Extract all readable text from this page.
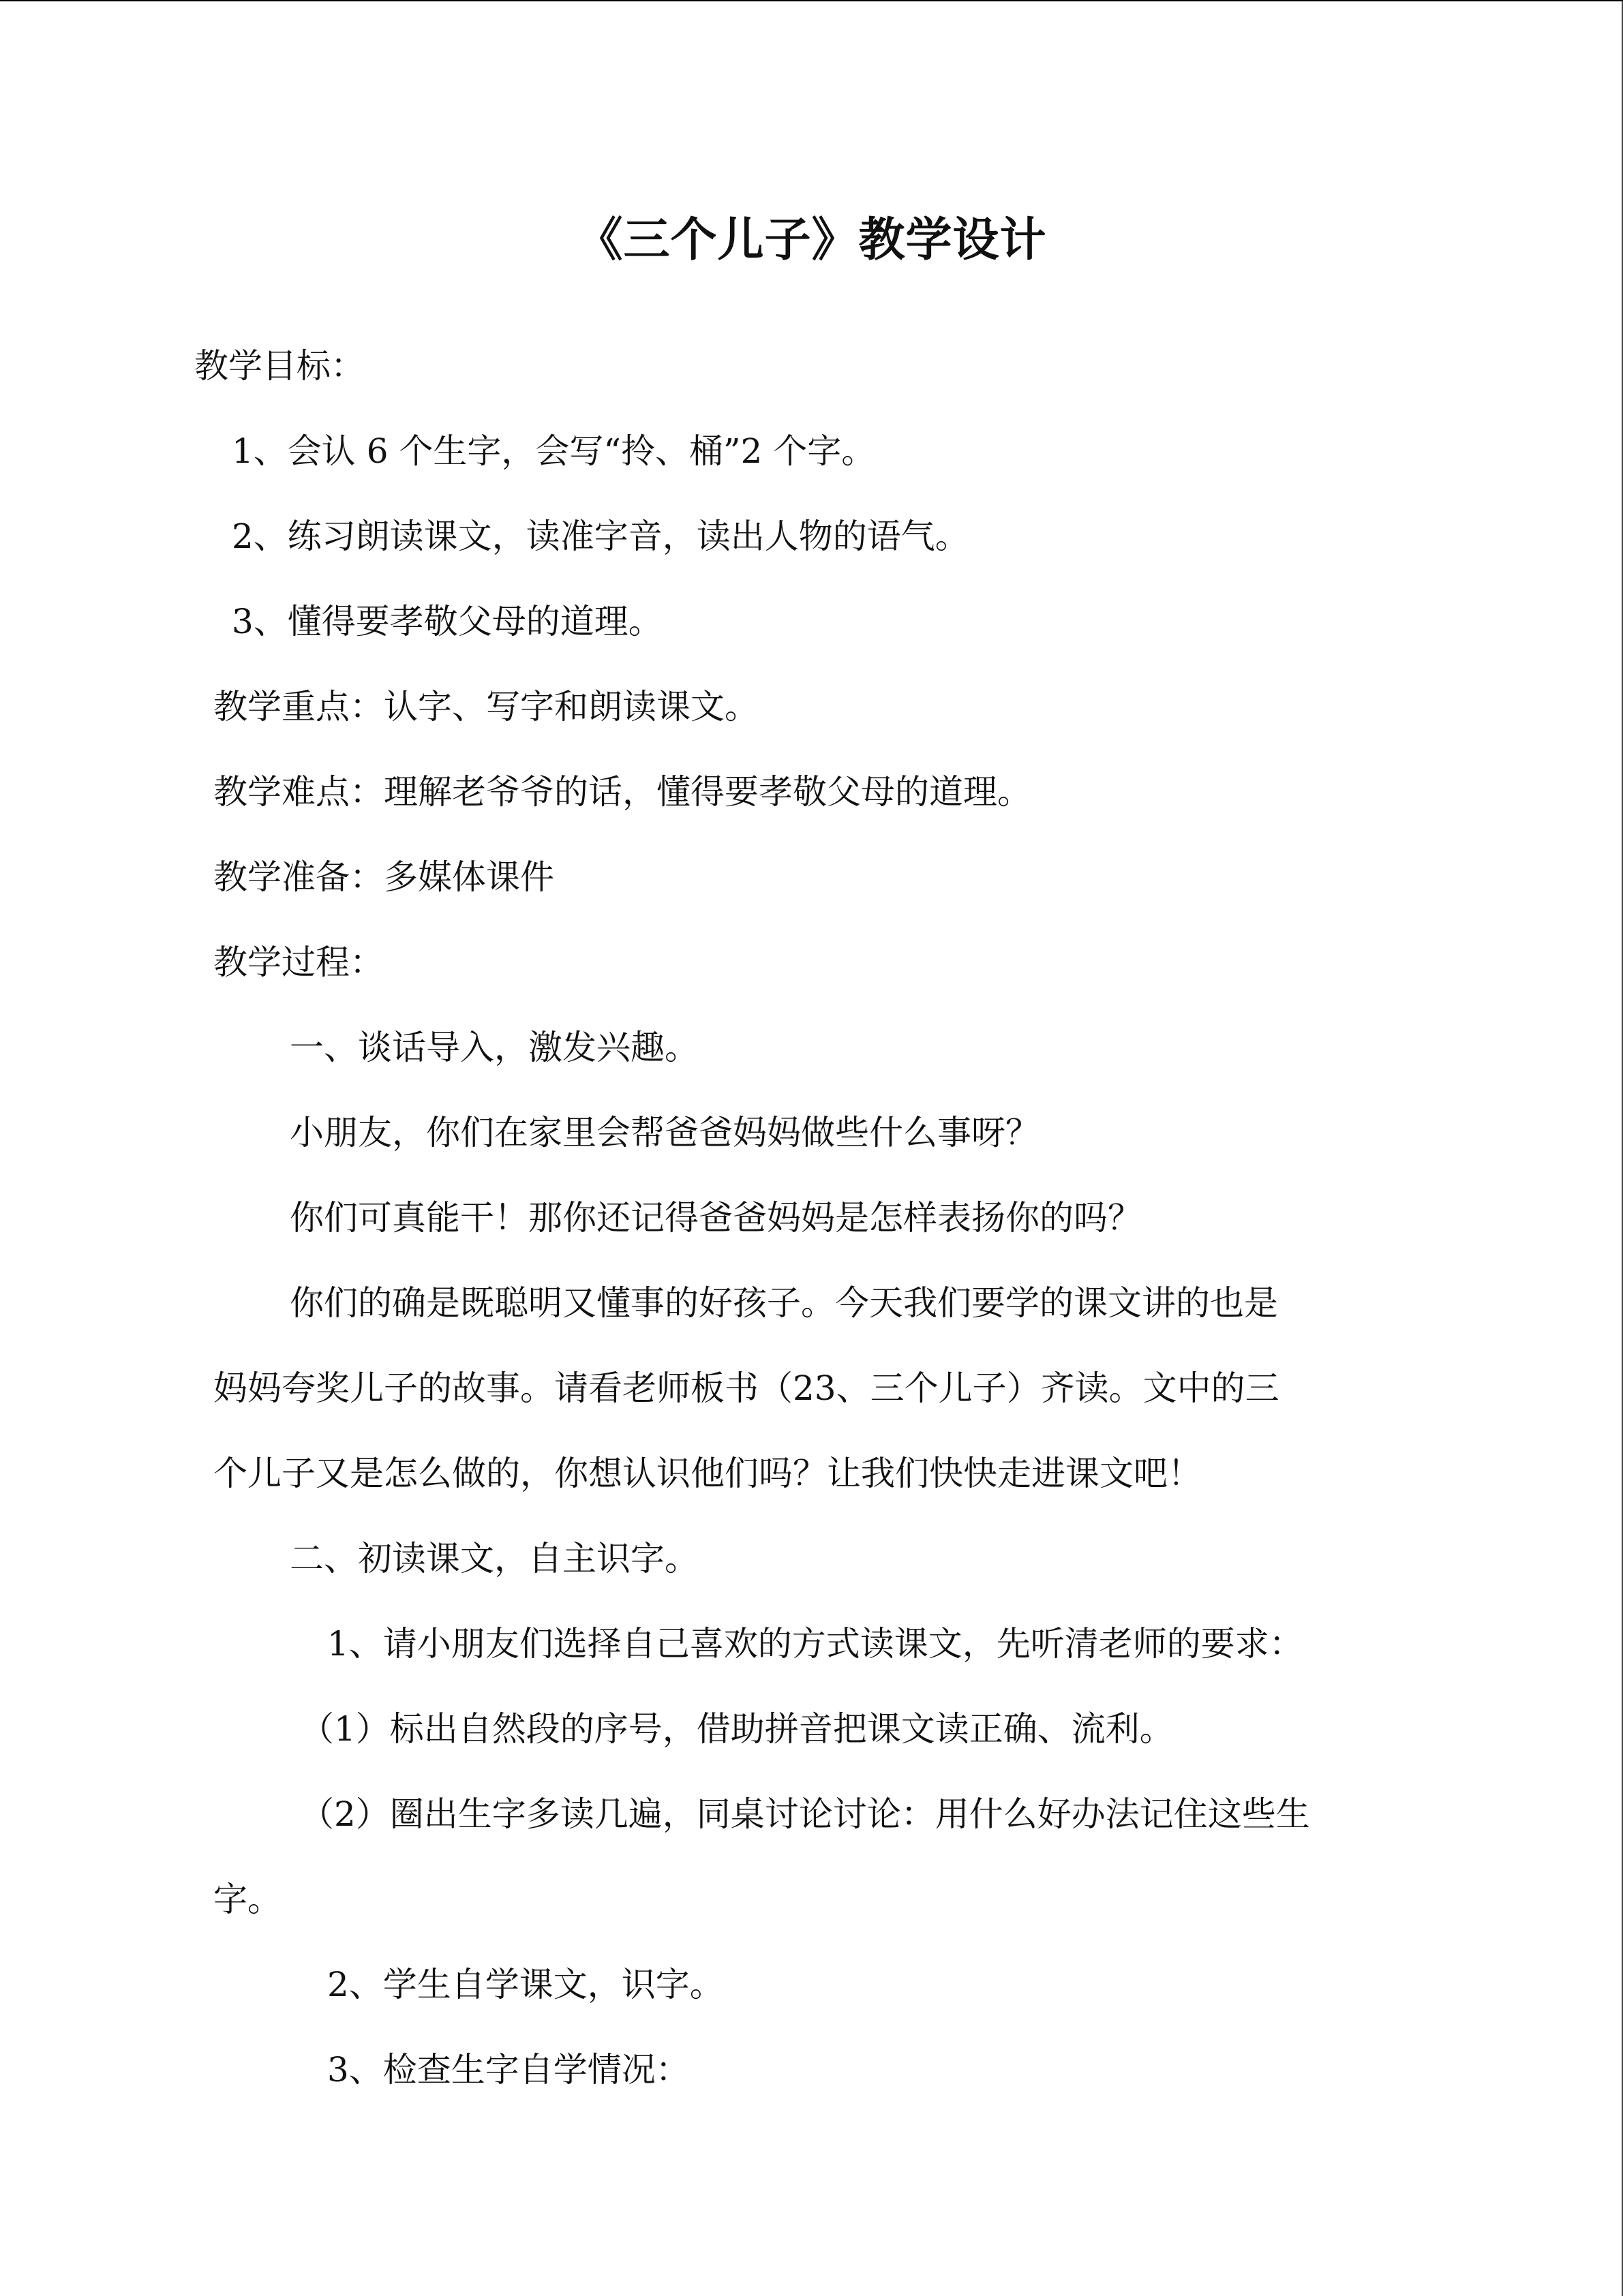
《三个儿子》教学设计
教学目标：
1、会认 6 个生字，会写“拎、桶”2 个字。
2、练习朗读课文，读准字音，读出人物的语气。
3、懂得要孝敬父母的道理。
教学重点：认字、写字和朗读课文。
教学难点：理解老爷爷的话，懂得要孝敬父母的道理。
教学准备：多媒体课件
教学过程：
一、谈话导入，激发兴趣。
小朋友，你们在家里会帮爸爸妈妈做些什么事呀？
你们可真能干！那你还记得爸爸妈妈是怎样表扬你的吗？
你们的确是既聪明又懂事的好孩子。今天我们要学的课文讲的也是
妈妈夸奖儿子的故事。请看老师板书（23、三个儿子）齐读。文中的三
个儿子又是怎么做的，你想认识他们吗？让我们快快走进课文吧！
二、初读课文，自主识字。
1、请小朋友们选择自己喜欢的方式读课文，先听清老师的要求：
（1）标出自然段的序号，借助拼音把课文读正确、流利。
（2）圈出生字多读几遍，同桌讨论讨论：用什么好办法记住这些生
字。
2、学生自学课文，识字。
3、检查生字自学情况：
